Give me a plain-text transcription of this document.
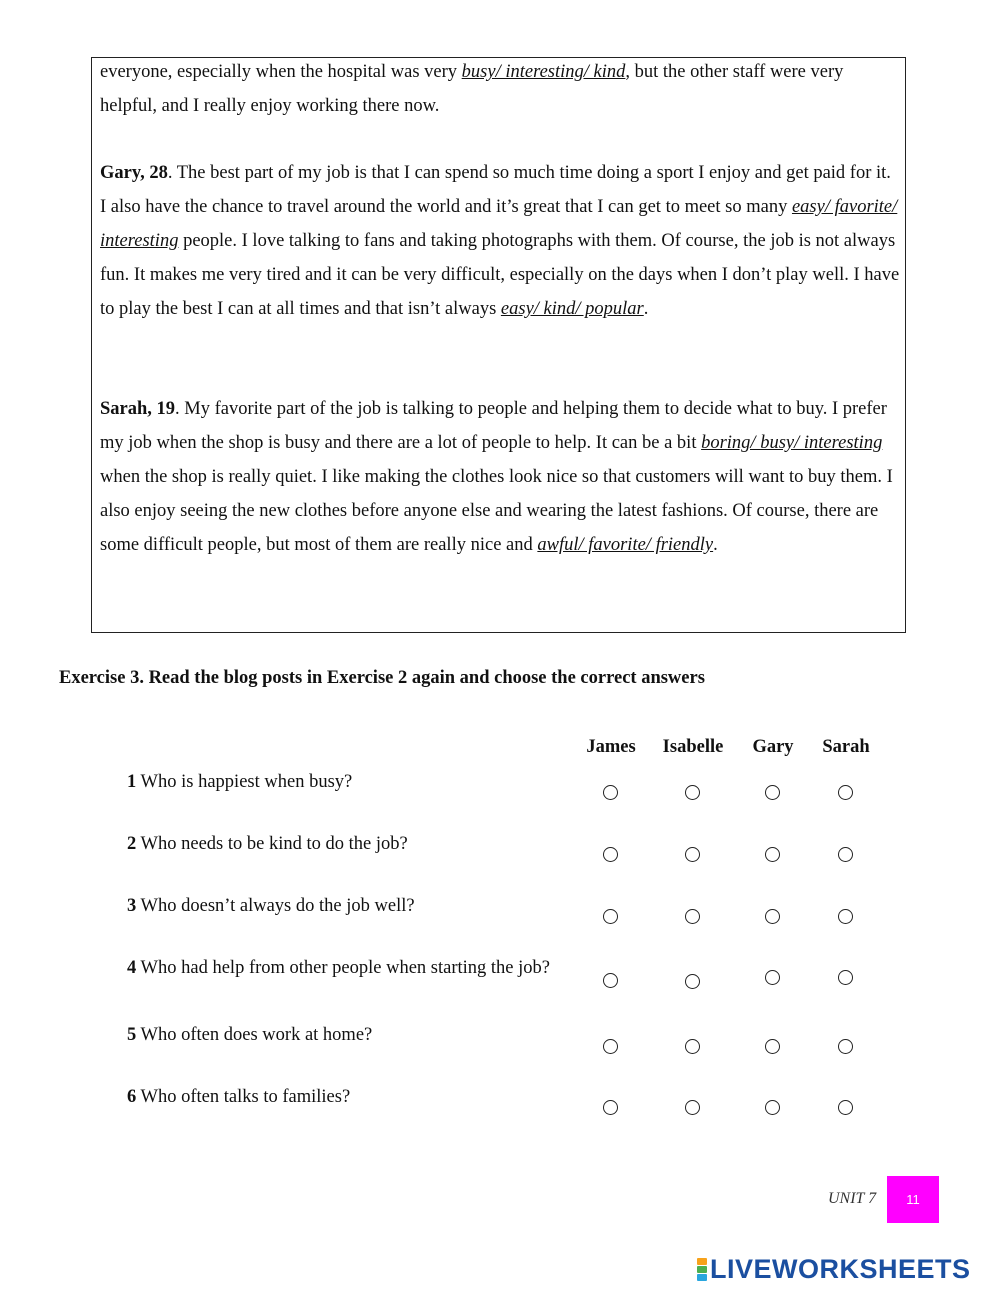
everyone, especially when the hospital was very busy/ interesting/ kind, but the other staff were very helpful, and I really enjoy working there now.

Gary, 28. The best part of my job is that I can spend so much time doing a sport I enjoy and get paid for it. I also have the chance to travel around the world and it’s great that I can get to meet so many easy/ favorite/ interesting people. I love talking to fans and taking photographs with them. Of course, the job is not always fun. It makes me very tired and it can be very difficult, especially on the days when I don’t play well. I have to play the best I can at all times and that isn’t always easy/ kind/ popular.

Sarah, 19. My favorite part of the job is talking to people and helping them to decide what to buy. I prefer my job when the shop is busy and there are a lot of people to help. It can be a bit boring/ busy/ interesting when the shop is really quiet. I like making the clothes look nice so that customers will want to buy them. I also enjoy seeing the new clothes before anyone else and wearing the latest fashions. Of course, there are some difficult people, but most of them are really nice and awful/ favorite/ friendly.

Exercise 3. Read the blog posts in Exercise 2 again and choose the correct answers
James	Isabelle	Gary	Sarah
1 Who is happiest when busy?
2 Who needs to be kind to do the job?
3 Who doesn’t always do the job well?
4 Who had help from other people when starting the job?
5 Who often does work at home?
6 Who often talks to families?
UNIT 7	11
LIVEWORKSHEETS
